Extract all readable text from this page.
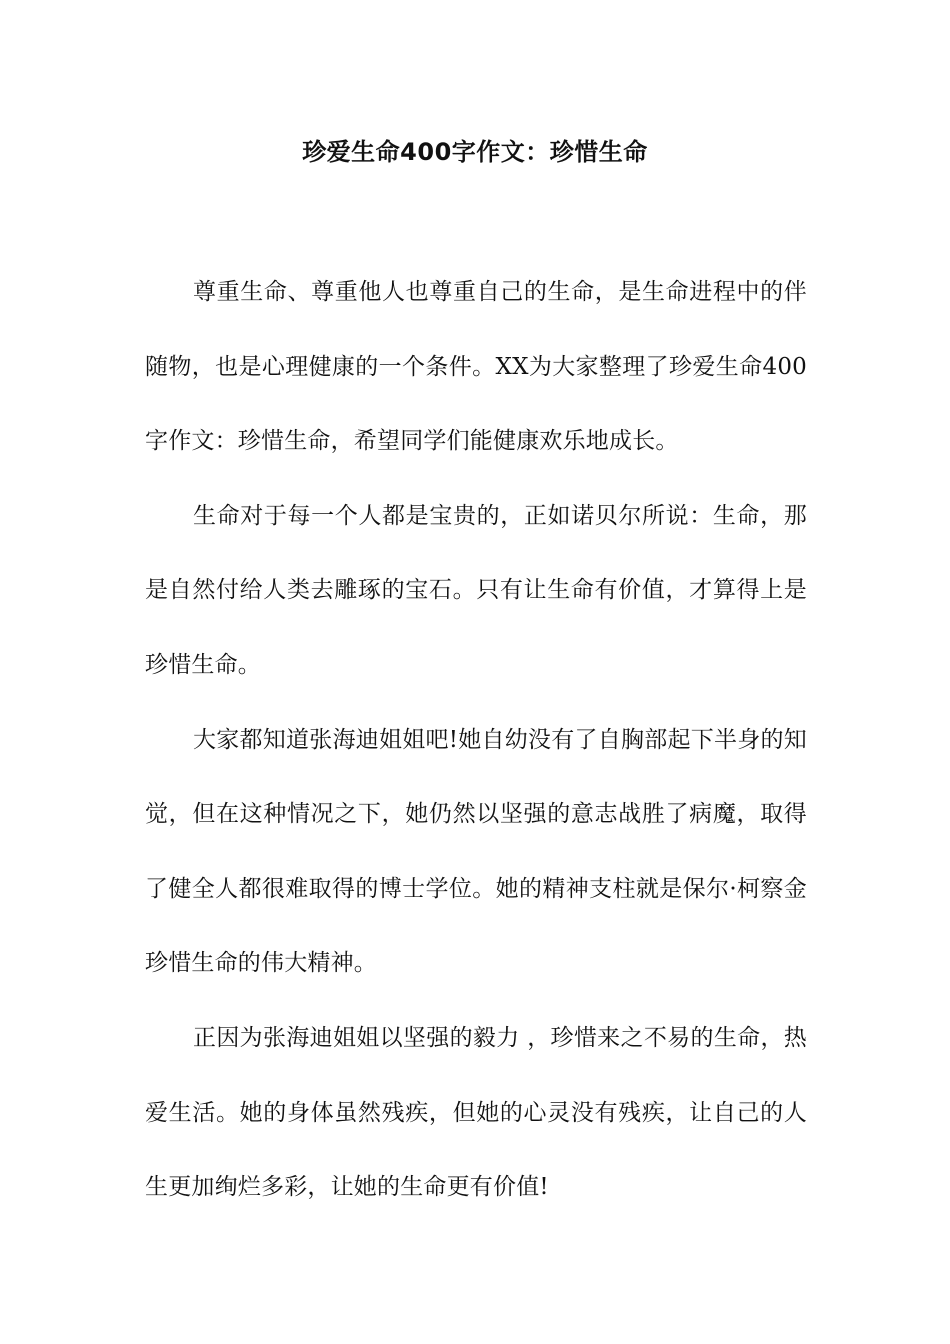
珍爱生命400字作文：珍惜生命

尊重生命、尊重他人也尊重自己的生命，是生命进程中的伴随物，也是心理健康的一个条件。XX为大家整理了珍爱生命400字作文：珍惜生命，希望同学们能健康欢乐地成长。

生命对于每一个人都是宝贵的，正如诺贝尔所说：生命，那是自然付给人类去雕琢的宝石。只有让生命有价值，才算得上是珍惜生命。

大家都知道张海迪姐姐吧!她自幼没有了自胸部起下半身的知觉，但在这种情况之下，她仍然以坚强的意志战胜了病魔，取得了健全人都很难取得的博士学位。她的精神支柱就是保尔·柯察金珍惜生命的伟大精神。

正因为张海迪姐姐以坚强的毅力 ，珍惜来之不易的生命，热爱生活。她的身体虽然残疾，但她的心灵没有残疾，让自己的人生更加绚烂多彩，让她的生命更有价值!
